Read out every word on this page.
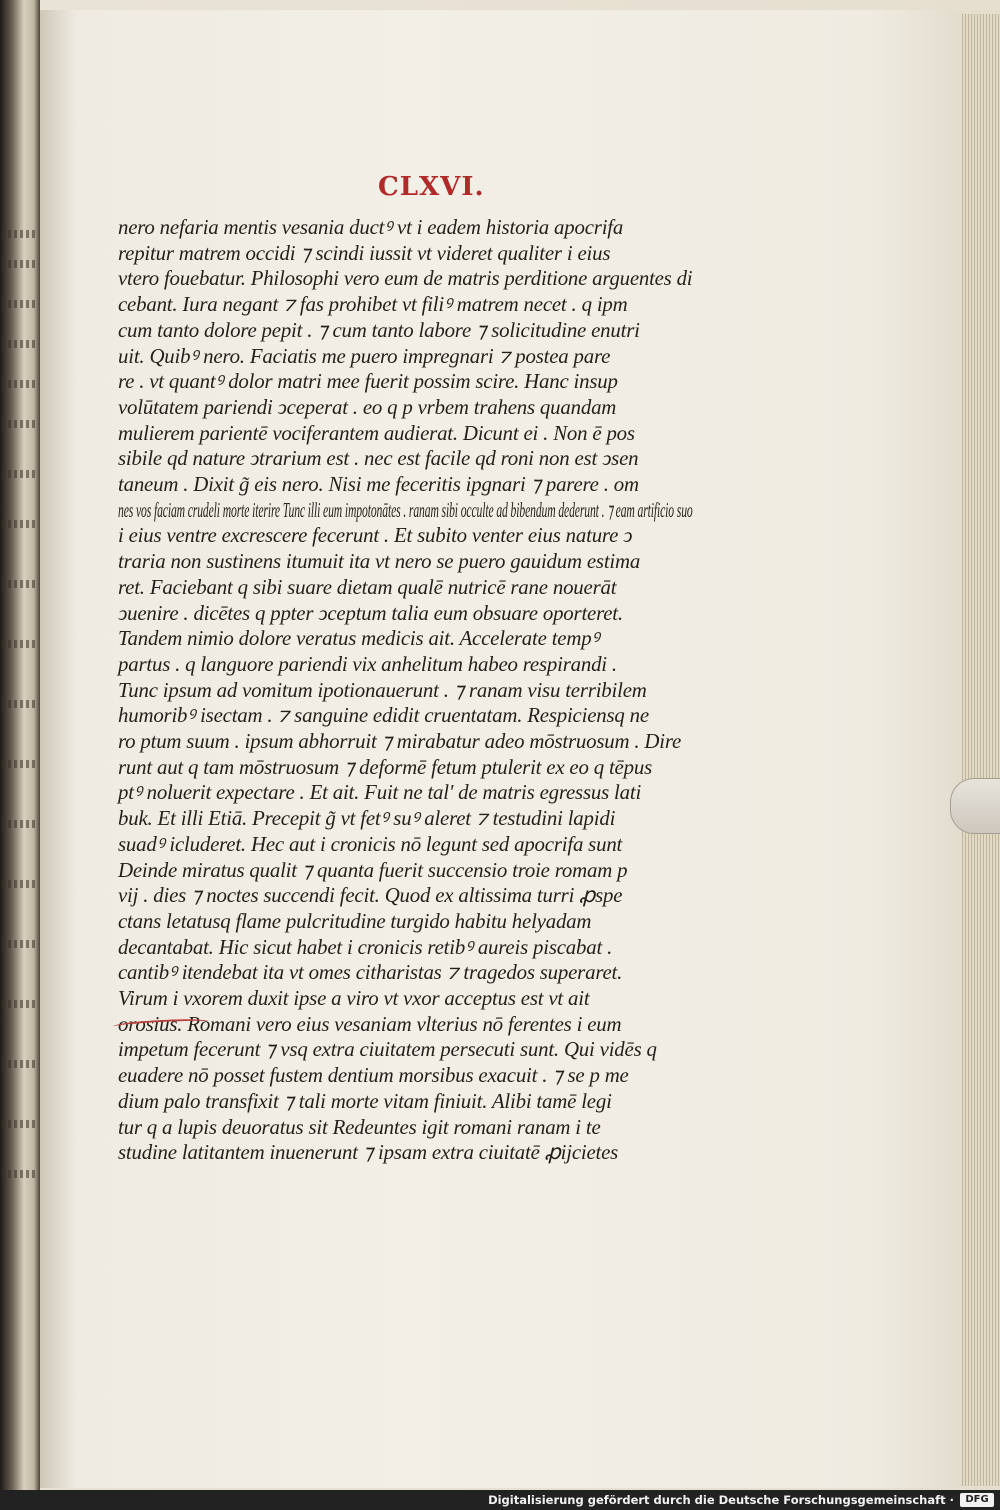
CLXVI.
nero nefaria mentis vesania ductꝰ vt i eadem historia apocrifa
repitur matrem occidi ⁊ scindi iussit vt videret qualiter i eius
vtero fouebatur. Philosophi vero eum de matris perditione arguentes di
cebant. Iura negant ⁊ fas prohibet vt filiꝰ matrem necet . q ipm
cum tanto dolore pepit . ⁊ cum tanto labore ⁊ solicitudine enutri
uit. Quibꝰ nero. Faciatis me puero impregnari ⁊ postea pare
re . vt quantꝰ dolor matri mee fuerit possim scire. Hanc insup
volūtatem pariendi ͻceperat . eo q p vrbem trahens quandam
mulierem parientē vociferantem audierat. Dicunt ei . Non ē pos
sibile qd nature ͻtrarium est . nec est facile qd roni non est ͻsen
taneum . Dixit g̃ eis nero. Nisi me feceritis ipgnari ⁊ parere . om
nes vos faciam crudeli morte iterire Tunc illi eum impotonātes . ranam sibi occulte ad bibendum dederunt . ⁊ eam artificio suo
i eius ventre excrescere fecerunt . Et subito venter eius nature ͻ
traria non sustinens itumuit ita vt nero se puero gauidum estima
ret. Faciebant q sibi suare dietam qualē nutricē rane nouerāt
ͻuenire . dicētes q ppter ͻceptum talia eum obsuare oporteret.
Tandem nimio dolore veratus medicis ait. Accelerate tempꝰ
partus . q languore pariendi vix anhelitum habeo respirandi .
Tunc ipsum ad vomitum ipotionauerunt . ⁊ ranam visu terribilem
humoribꝰ isectam . ⁊ sanguine edidit cruentatam. Respiciensq ne
ro ptum suum . ipsum abhorruit ⁊ mirabatur adeo mōstruosum . Dire
runt aut q tam mōstruosum ⁊ deformē fetum ptulerit ex eo q tēpus
ptꝰ noluerit expectare . Et ait. Fuit ne tal' de matris egressus lati
buk. Et illi Etiā. Precepit g̃ vt fetꝰ suꝰ aleret ⁊ testudini lapidi
suadꝰ icluderet. Hec aut i cronicis nō legunt sed apocrifa sunt
Deinde miratus qualit ⁊ quanta fuerit succensio troie romam p
vij . dies ⁊ noctes succendi fecit. Quod ex altissima turri ꝓspe
ctans letatusq flame pulcritudine turgido habitu helyadam
decantabat. Hic sicut habet i cronicis retibꝰ aureis piscabat .
cantibꝰ itendebat ita vt omes citharistas ⁊ tragedos superaret.
Virum i vxorem duxit ipse a viro vt vxor acceptus est vt ait
orosius. Romani vero eius vesaniam vlterius nō ferentes i eum
impetum fecerunt ⁊ vsq extra ciuitatem persecuti sunt. Qui vidēs q
euadere nō posset fustem dentium morsibus exacuit . ⁊ se p me
dium palo transfixit ⁊ tali morte vitam finiuit. Alibi tamē legi
tur q a lupis deuoratus sit Redeuntes igit romani ranam i te
studine latitantem inuenerunt ⁊ ipsam extra ciuitatē ꝓijcietes
Digitalisierung gefördert durch die Deutsche Forschungsgemeinschaft ·	DFG
